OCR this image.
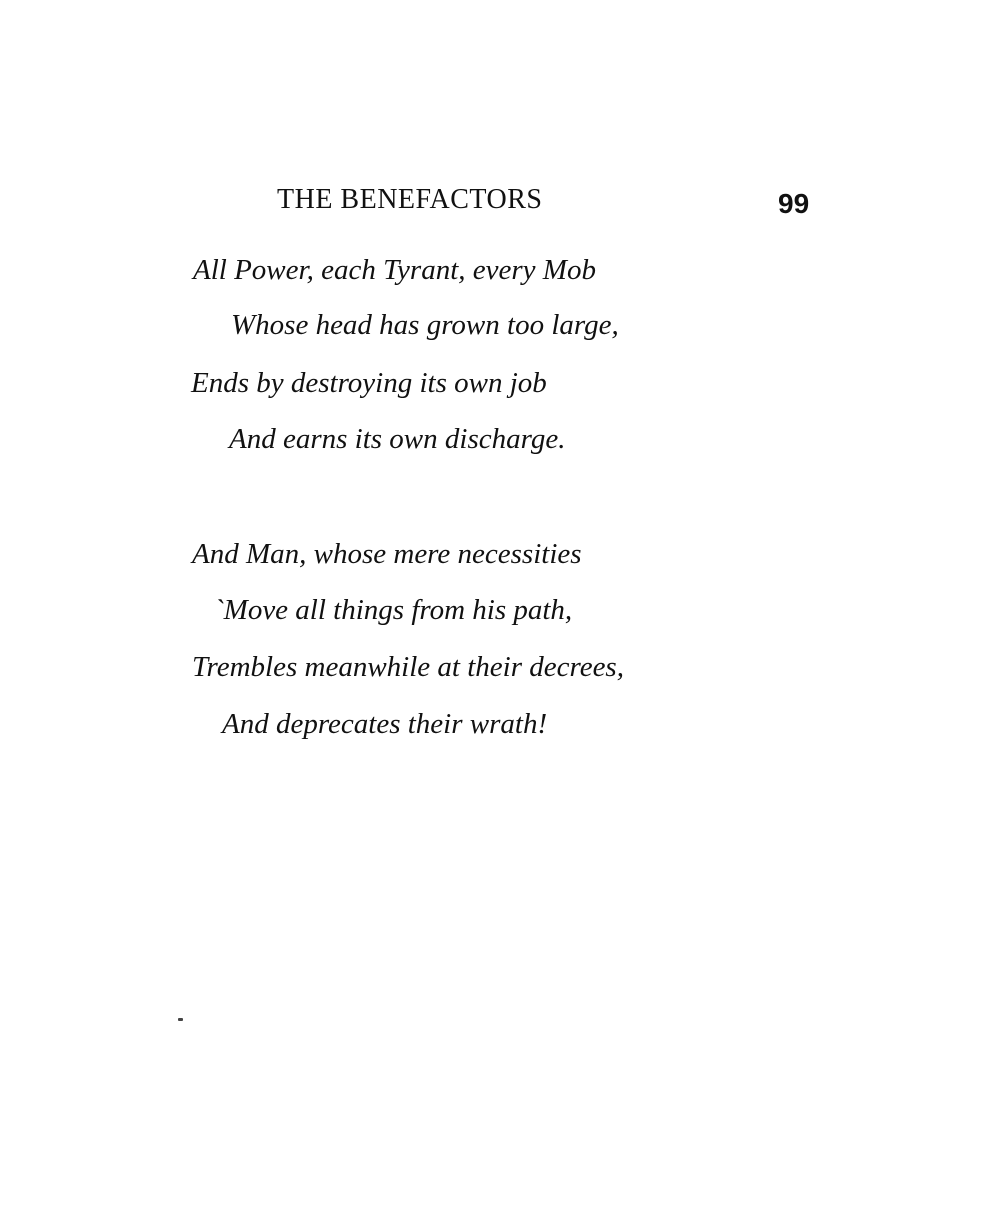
THE BENEFACTORS	99
All Power, each Tyrant, every Mob
Whose head has grown too large,
Ends by destroying its own job
And earns its own discharge.
And Man, whose mere necessities
`Move all things from his path,
Trembles meanwhile at their decrees,
And deprecates their wrath!
